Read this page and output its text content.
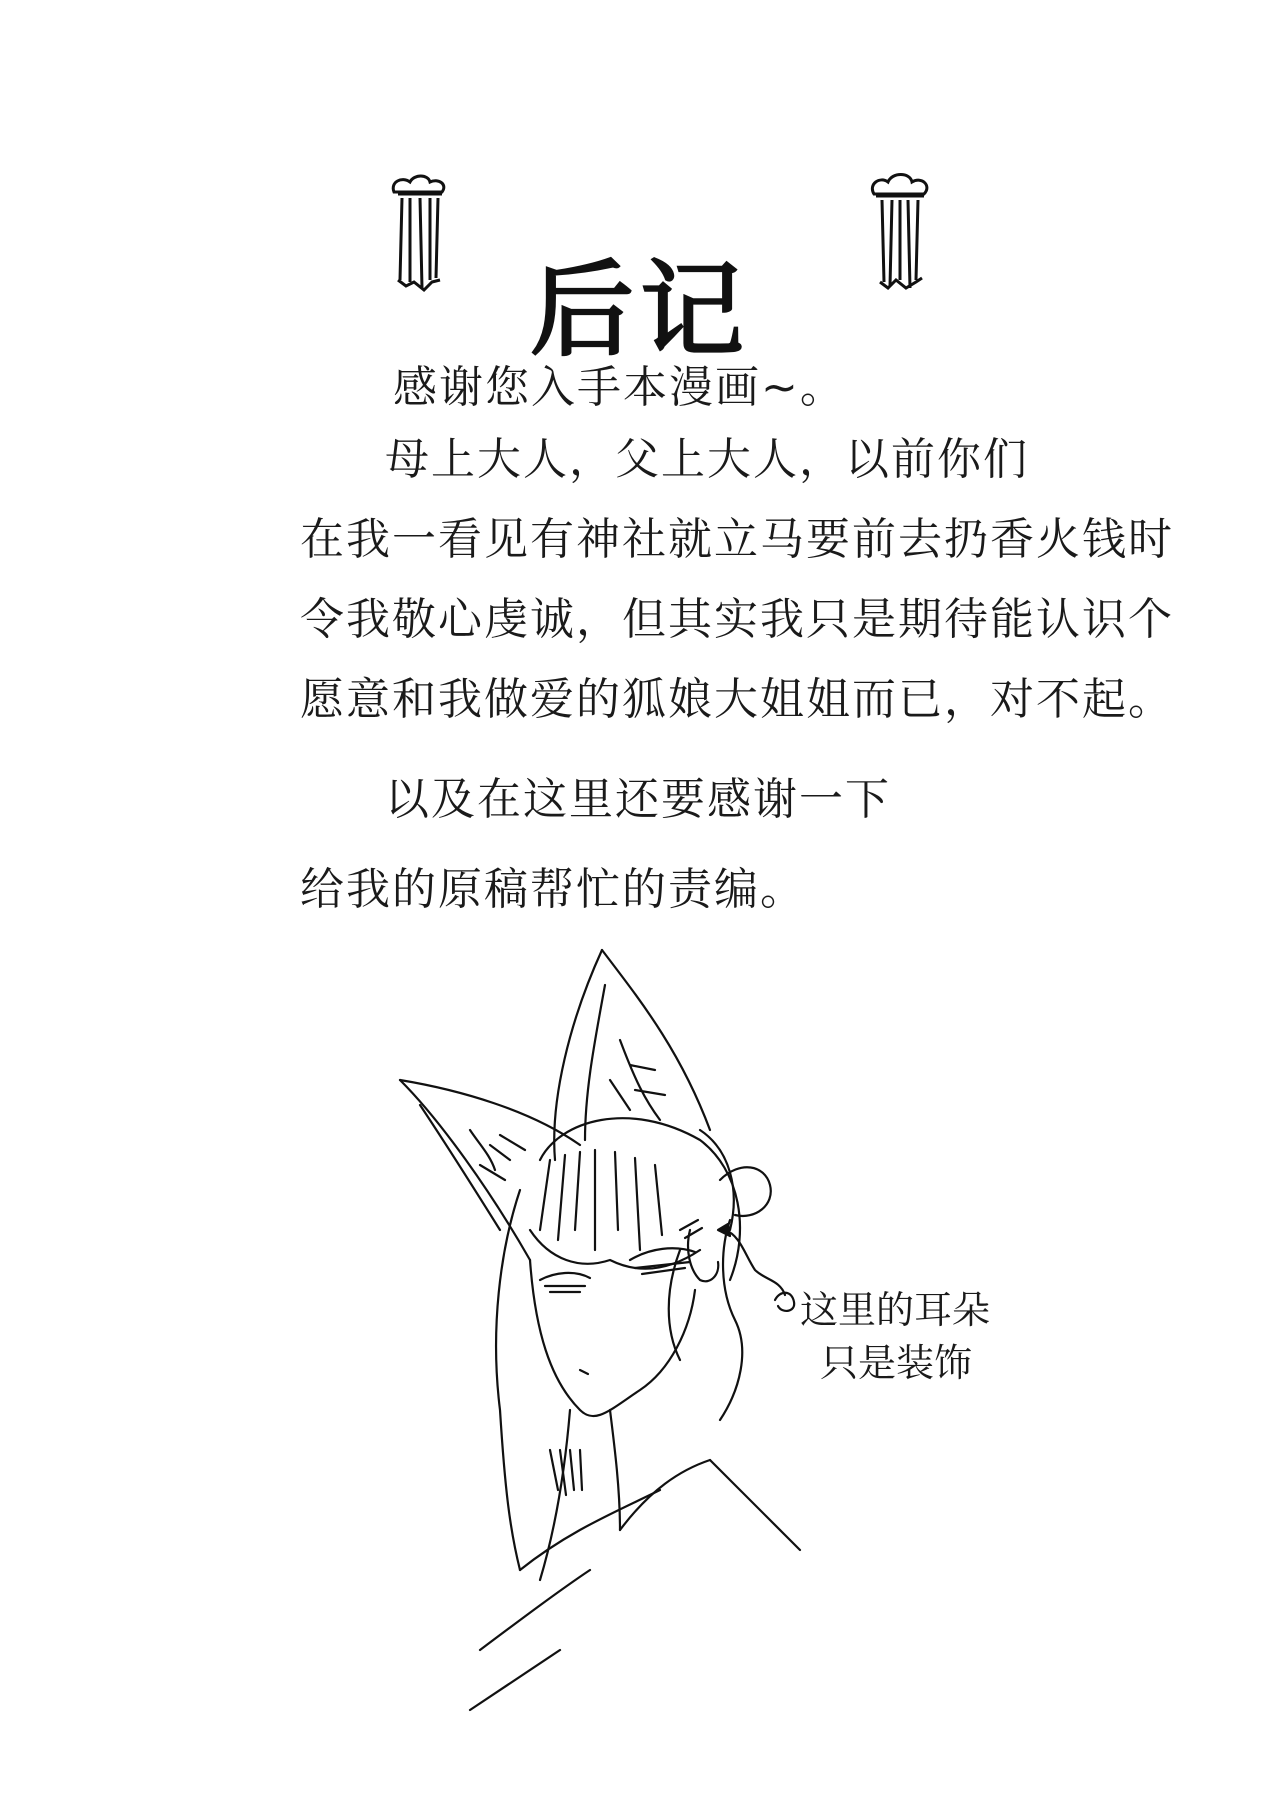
后记
感谢您入手本漫画~。
母上大人，父上大人，以前你们
在我一看见有神社就立马要前去扔香火钱时
令我敬心虔诚，但其实我只是期待能认识个
愿意和我做爱的狐娘大姐姐而已，对不起。
以及在这里还要感谢一下
给我的原稿帮忙的责编。
这里的耳朵
只是装饰
